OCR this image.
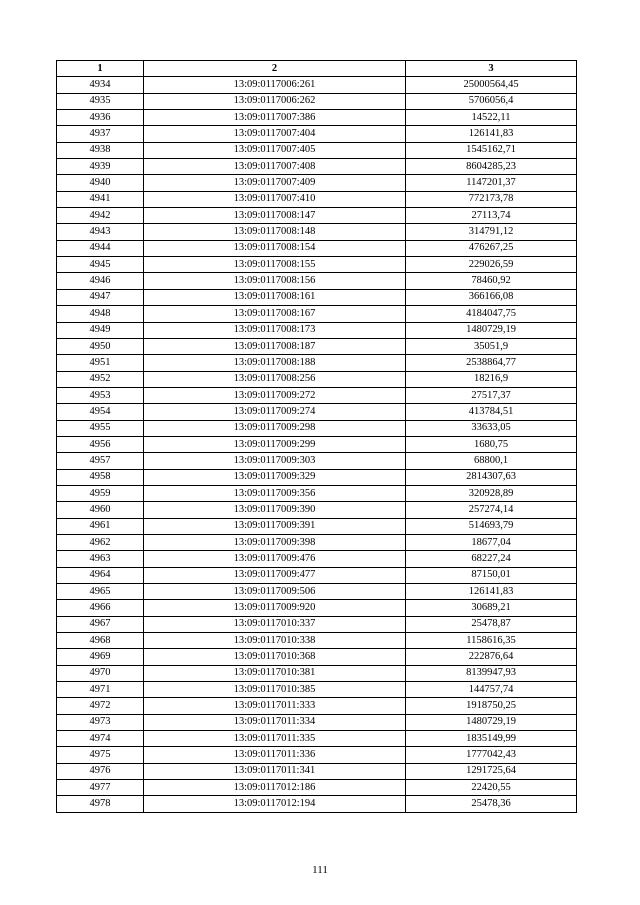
1	2	3
4934	13:09:0117006:261	25000564,45
4935	13:09:0117006:262	5706056,4
4936	13:09:0117007:386	14522,11
4937	13:09:0117007:404	126141,83
4938	13:09:0117007:405	1545162,71
4939	13:09:0117007:408	8604285,23
4940	13:09:0117007:409	1147201,37
4941	13:09:0117007:410	772173,78
4942	13:09:0117008:147	27113,74
4943	13:09:0117008:148	314791,12
4944	13:09:0117008:154	476267,25
4945	13:09:0117008:155	229026,59
4946	13:09:0117008:156	78460,92
4947	13:09:0117008:161	366166,08
4948	13:09:0117008:167	4184047,75
4949	13:09:0117008:173	1480729,19
4950	13:09:0117008:187	35051,9
4951	13:09:0117008:188	2538864,77
4952	13:09:0117008:256	18216,9
4953	13:09:0117009:272	27517,37
4954	13:09:0117009:274	413784,51
4955	13:09:0117009:298	33633,05
4956	13:09:0117009:299	1680,75
4957	13:09:0117009:303	68800,1
4958	13:09:0117009:329	2814307,63
4959	13:09:0117009:356	320928,89
4960	13:09:0117009:390	257274,14
4961	13:09:0117009:391	514693,79
4962	13:09:0117009:398	18677,04
4963	13:09:0117009:476	68227,24
4964	13:09:0117009:477	87150,01
4965	13:09:0117009:506	126141,83
4966	13:09:0117009:920	30689,21
4967	13:09:0117010:337	25478,87
4968	13:09:0117010:338	1158616,35
4969	13:09:0117010:368	222876,64
4970	13:09:0117010:381	8139947,93
4971	13:09:0117010:385	144757,74
4972	13:09:0117011:333	1918750,25
4973	13:09:0117011:334	1480729,19
4974	13:09:0117011:335	1835149,99
4975	13:09:0117011:336	1777042,43
4976	13:09:0117011:341	1291725,64
4977	13:09:0117012:186	22420,55
4978	13:09:0117012:194	25478,36
111
